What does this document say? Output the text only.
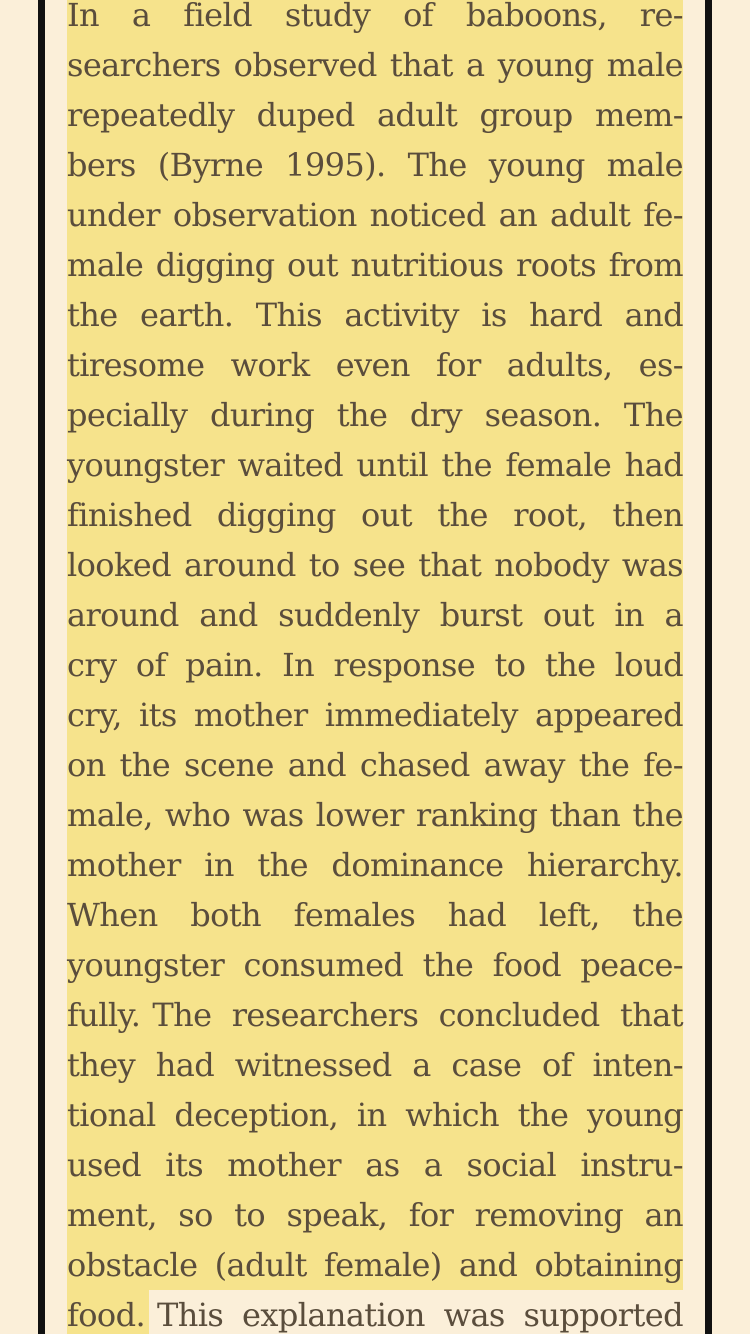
In a field study of baboons, re-
searchers observed that a young male
repeatedly duped adult group mem-
bers (Byrne 1995). The young male
under observation noticed an adult fe-
male digging out nutritious roots from
the earth. This activity is hard and
tiresome work even for adults, es-
pecially during the dry season. The
youngster waited until the female had
finished digging out the root, then
looked around to see that nobody was
around and suddenly burst out in a
cry of pain. In response to the loud
cry, its mother immediately appeared
on the scene and chased away the fe-
male, who was lower ranking than the
mother in the dominance hierarchy.
When both females had left, the
youngster consumed the food peace-
fully. The researchers concluded that
they had witnessed a case of inten-
tional deception, in which the young
used its mother as a social instru-
ment, so to speak, for removing an
obstacle (adult female) and obtaining
food. This explanation was supported
